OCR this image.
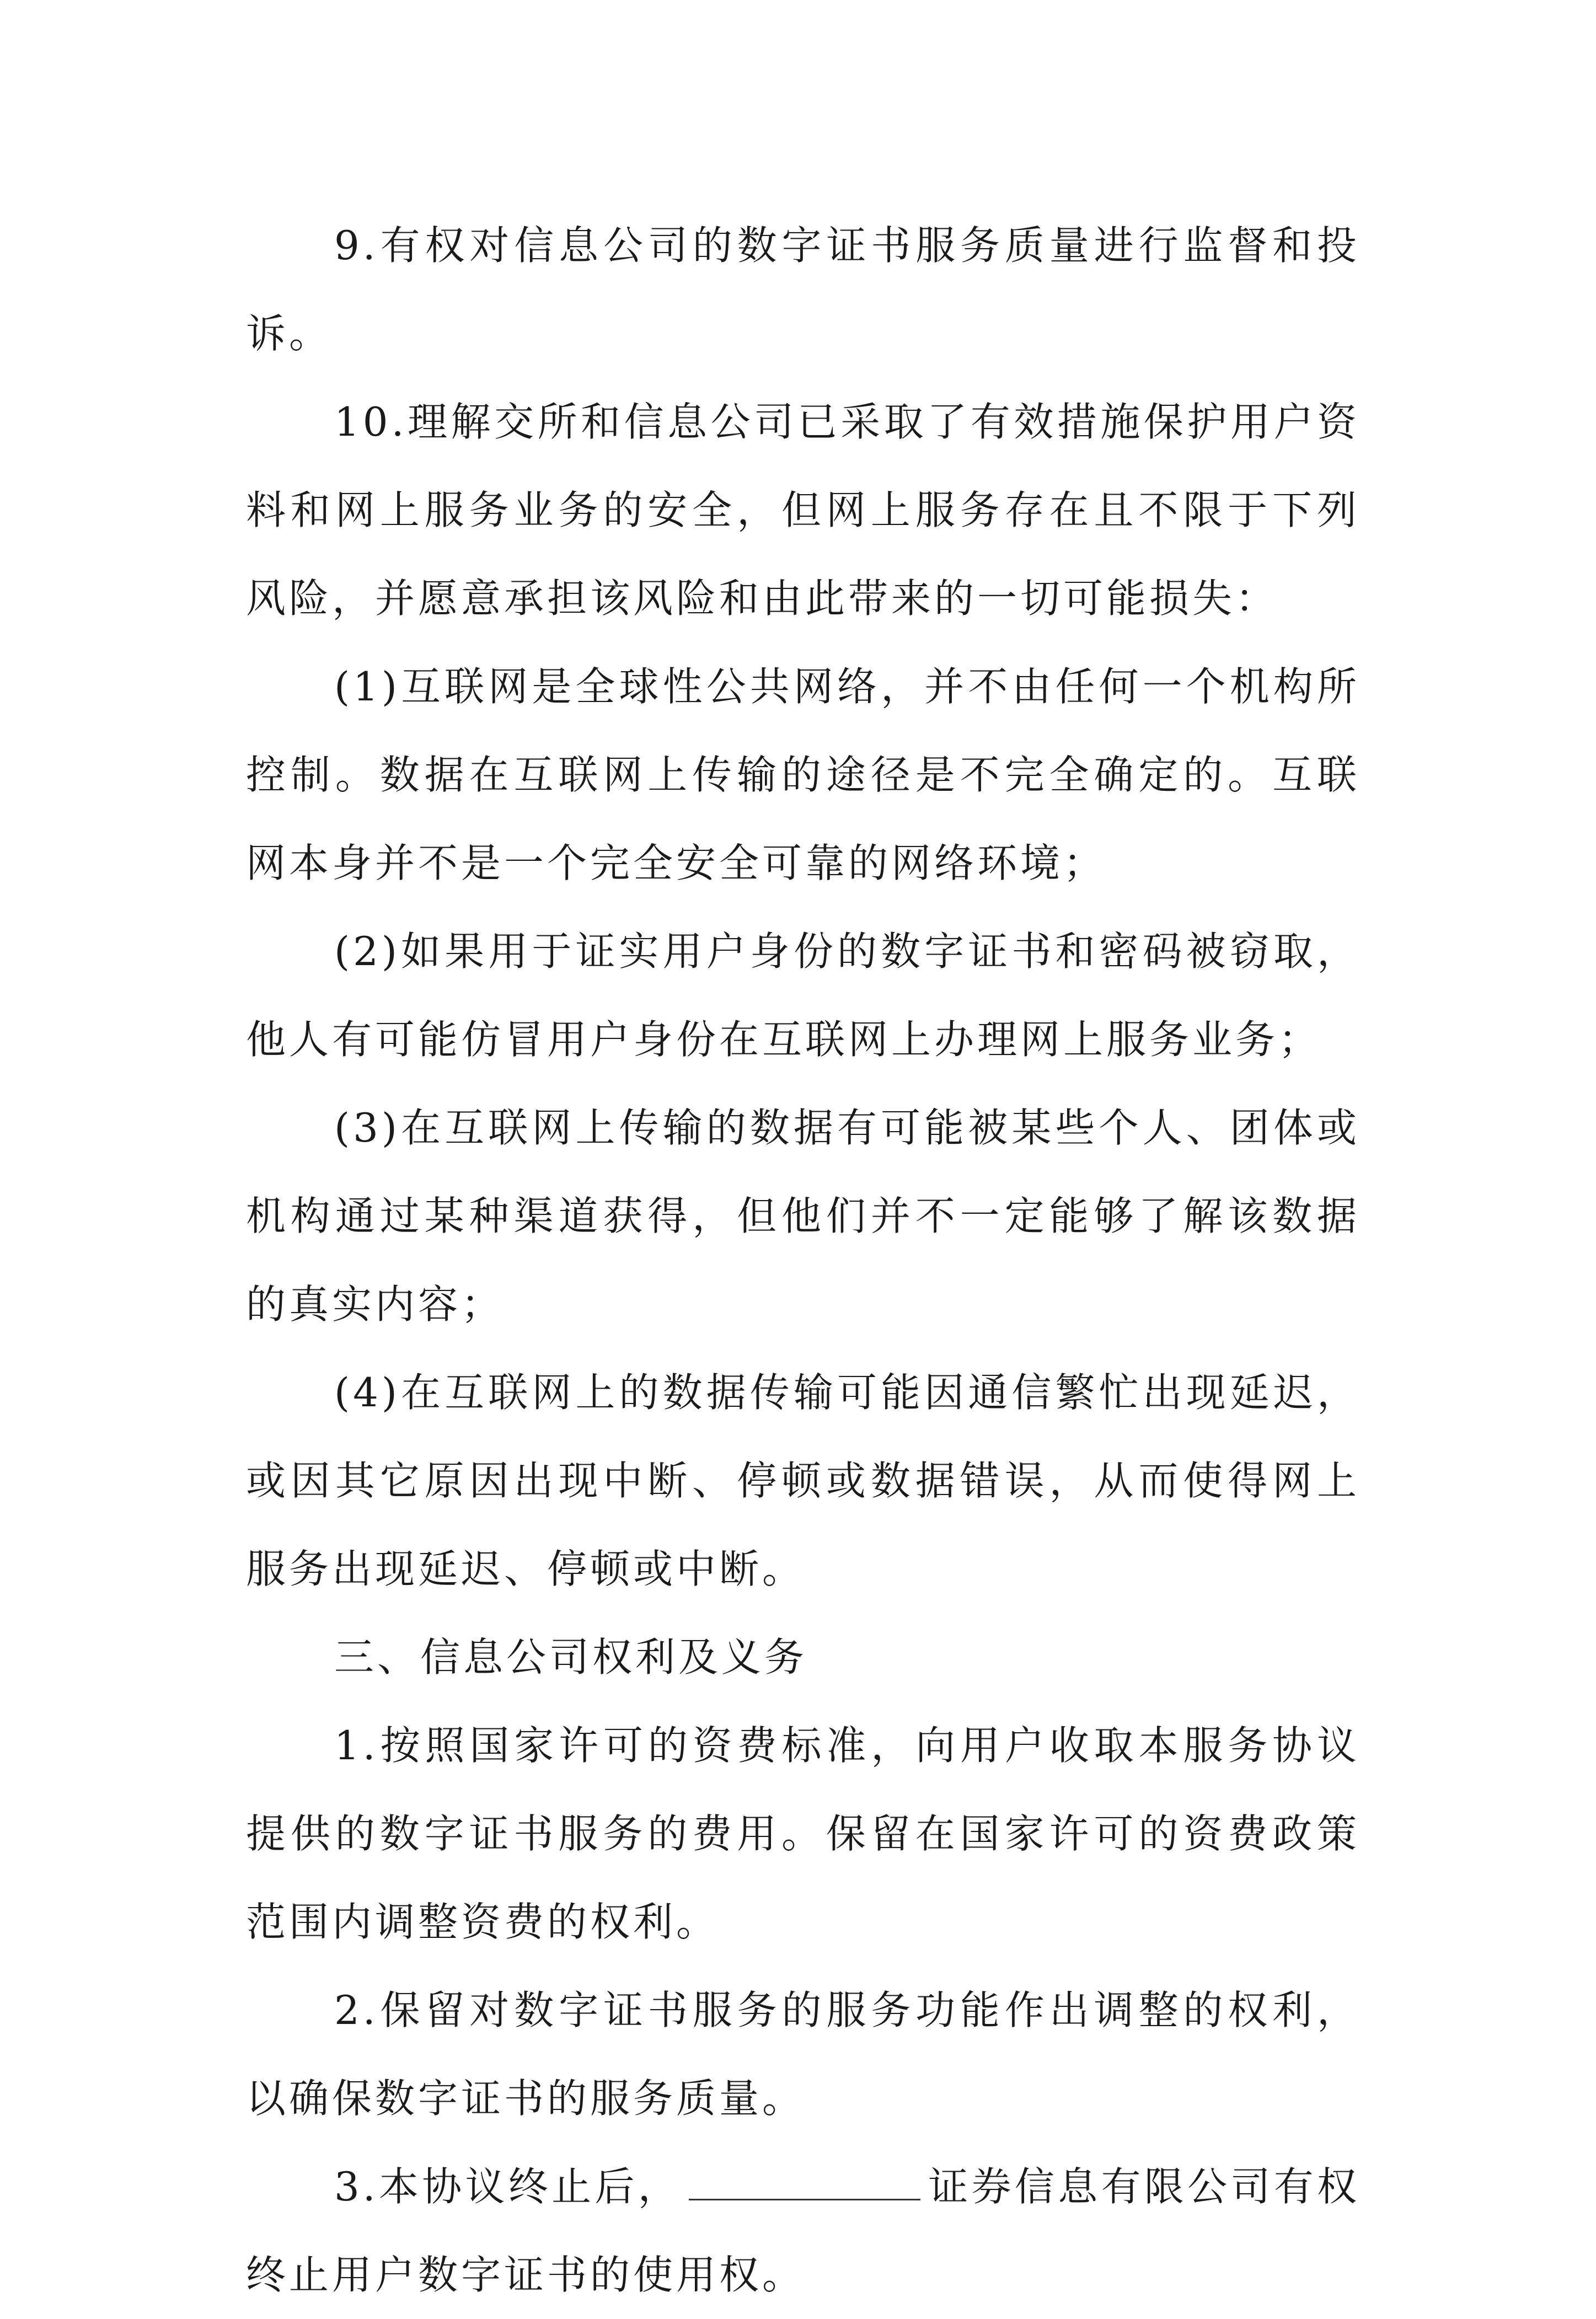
9.有权对信息公司的数字证书服务质量进行监督和投诉。

10.理解交所和信息公司已采取了有效措施保护用户资料和网上服务业务的安全，但网上服务存在且不限于下列风险，并愿意承担该风险和由此带来的一切可能损失：

(1)互联网是全球性公共网络，并不由任何一个机构所控制。数据在互联网上传输的途径是不完全确定的。互联网本身并不是一个完全安全可靠的网络环境；

(2)如果用于证实用户身份的数字证书和密码被窃取，他人有可能仿冒用户身份在互联网上办理网上服务业务；

(3)在互联网上传输的数据有可能被某些个人、团体或机构通过某种渠道获得，但他们并不一定能够了解该数据的真实内容；

(4)在互联网上的数据传输可能因通信繁忙出现延迟，或因其它原因出现中断、停顿或数据错误，从而使得网上服务出现延迟、停顿或中断。

三、信息公司权利及义务

1.按照国家许可的资费标准，向用户收取本服务协议提供的数字证书服务的费用。保留在国家许可的资费政策范围内调整资费的权利。

2.保留对数字证书服务的服务功能作出调整的权利，以确保数字证书的服务质量。

3.本协议终止后，	证券信息有限公司有权终止用户数字证书的使用权。
